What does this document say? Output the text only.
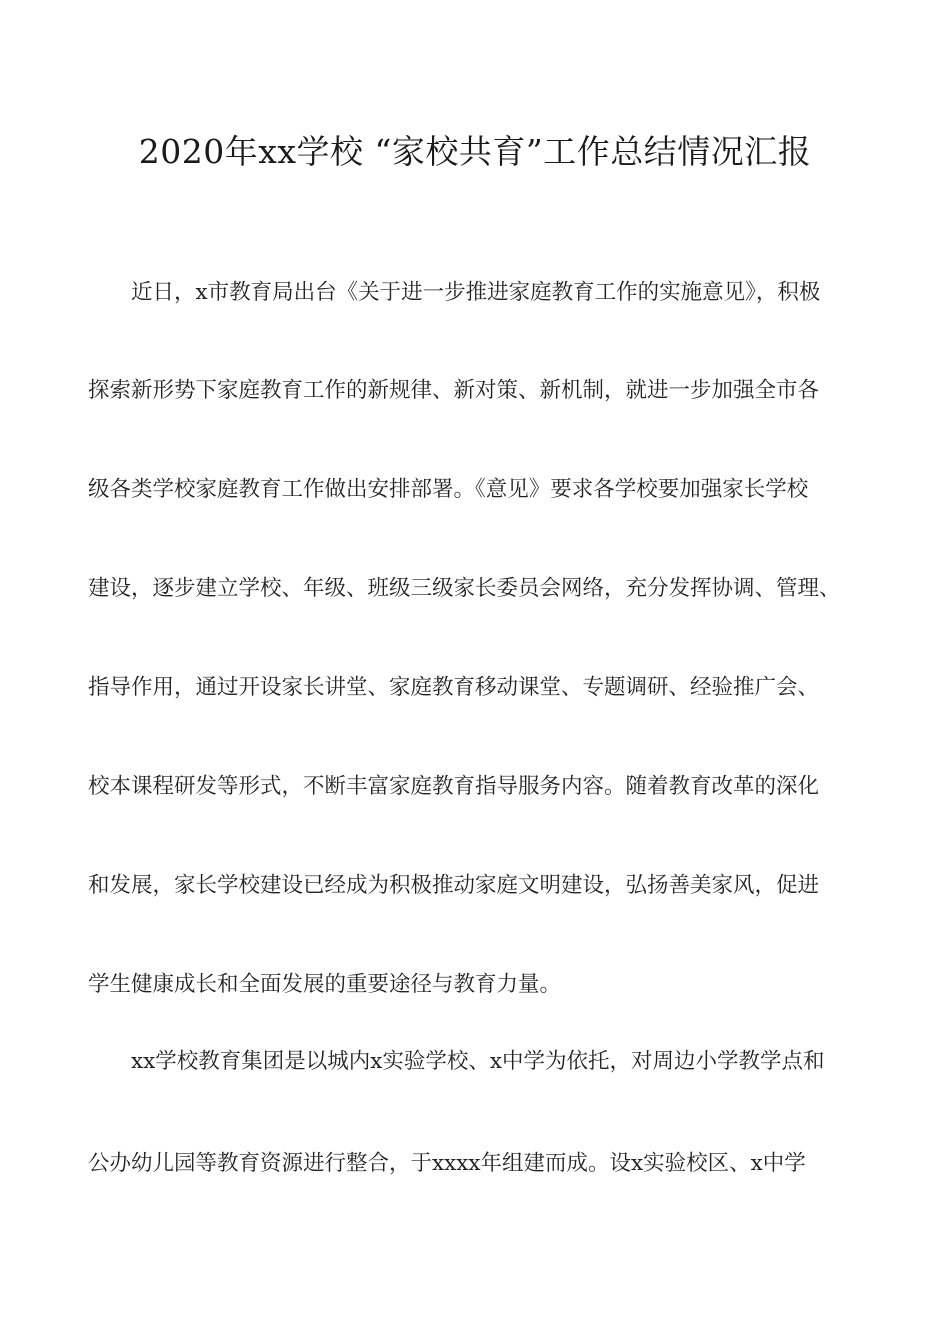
2020年xx学校 “家校共育”工作总结情况汇报
近日，x市教育局出台《关于进一步推进家庭教育工作的实施意见》，积极
探索新形势下家庭教育工作的新规律、新对策、新机制，就进一步加强全市各
级各类学校家庭教育工作做出安排部署。《意见》要求各学校要加强家长学校
建设，逐步建立学校、年级、班级三级家长委员会网络，充分发挥协调、管理、
指导作用，通过开设家长讲堂、家庭教育移动课堂、专题调研、经验推广会、
校本课程研发等形式，不断丰富家庭教育指导服务内容。随着教育改革的深化
和发展，家长学校建设已经成为积极推动家庭文明建设，弘扬善美家风，促进
学生健康成长和全面发展的重要途径与教育力量。
xx学校教育集团是以城内x实验学校、x中学为依托，对周边小学教学点和
公办幼儿园等教育资源进行整合，于xxxx年组建而成。设x实验校区、x中学
